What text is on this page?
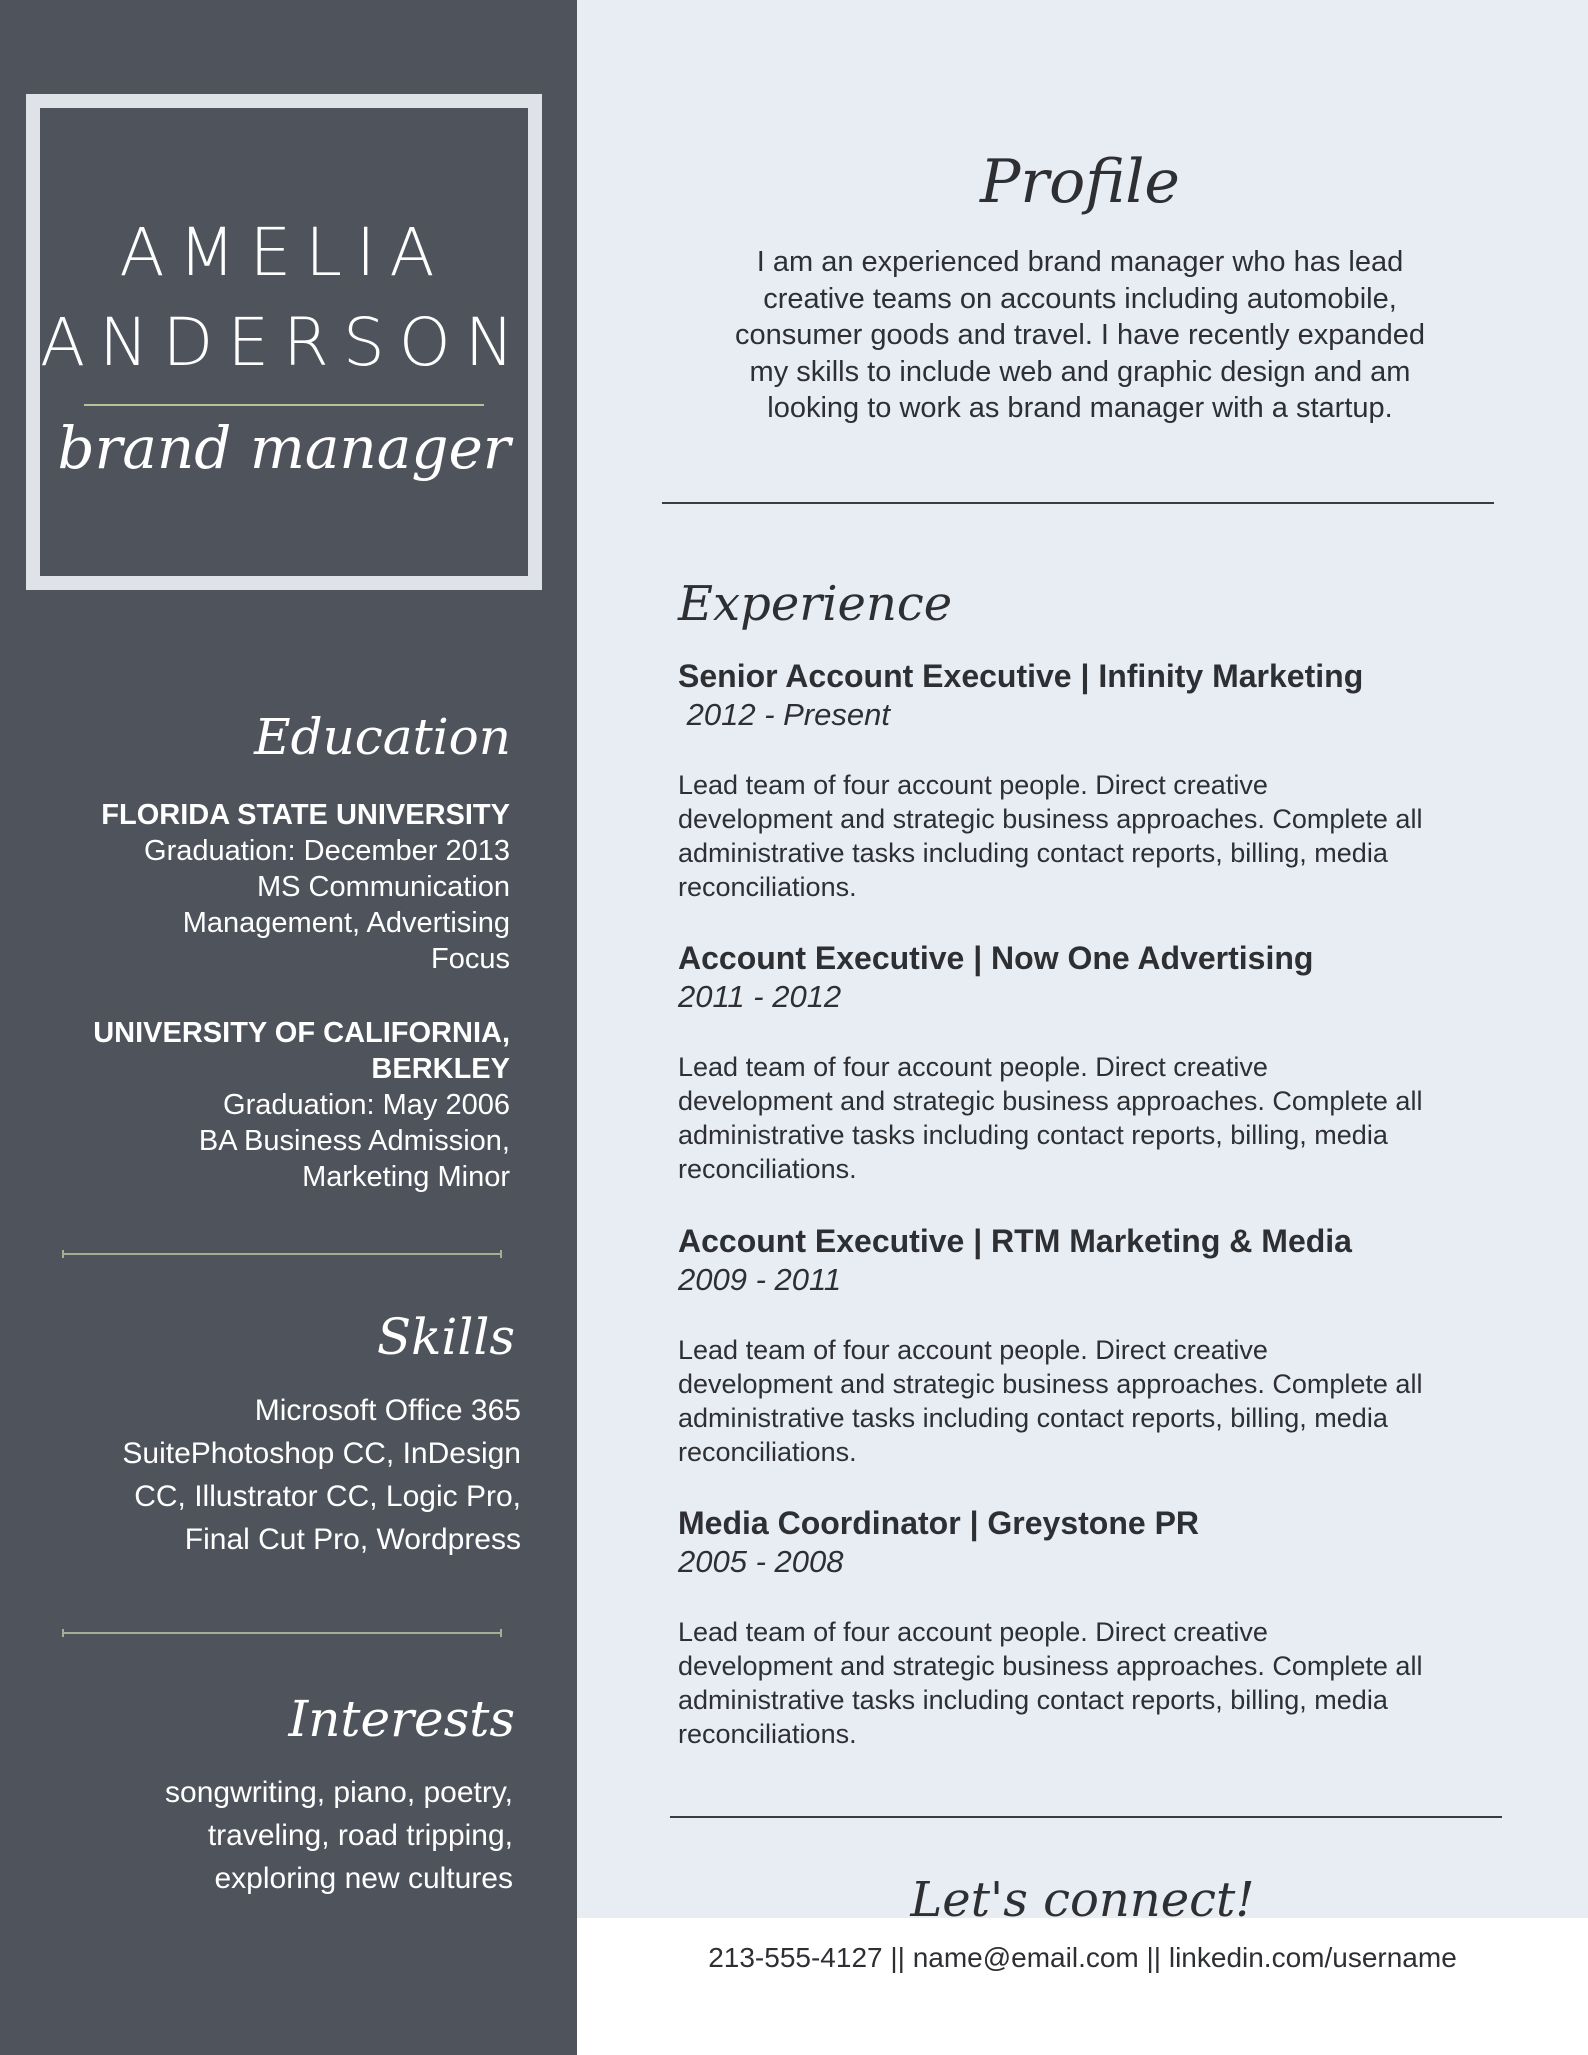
AMELIA
ANDERSON
brand manager
Education
FLORIDA STATE UNIVERSITY
Graduation: December 2013
MS Communication
Management, Advertising
Focus
UNIVERSITY OF CALIFORNIA,
BERKLEY
Graduation: May 2006
BA Business Admission,
Marketing Minor
Skills
Microsoft Office 365
SuitePhotoshop CC, InDesign
CC, Illustrator CC, Logic Pro,
Final Cut Pro, Wordpress
Interests
songwriting, piano, poetry,
traveling, road tripping,
exploring new cultures
Profile
I am an experienced brand manager who has lead
creative teams on accounts including automobile,
consumer goods and travel. I have recently expanded
my skills to include web and graphic design and am
looking to work as brand manager with a startup.
Experience
Senior Account Executive | Infinity Marketing
2012 - Present
Lead team of four account people. Direct creative
development and strategic business approaches. Complete all
administrative tasks including contact reports, billing, media
reconciliations.
Account Executive | Now One Advertising
2011 - 2012
Lead team of four account people. Direct creative
development and strategic business approaches. Complete all
administrative tasks including contact reports, billing, media
reconciliations.
Account Executive | RTM Marketing & Media
2009 - 2011
Lead team of four account people. Direct creative
development and strategic business approaches. Complete all
administrative tasks including contact reports, billing, media
reconciliations.
Media Coordinator | Greystone PR
2005 - 2008
Lead team of four account people. Direct creative
development and strategic business approaches. Complete all
administrative tasks including contact reports, billing, media
reconciliations.
Let's connect!
213-555-4127 || name@email.com || linkedin.com/username
